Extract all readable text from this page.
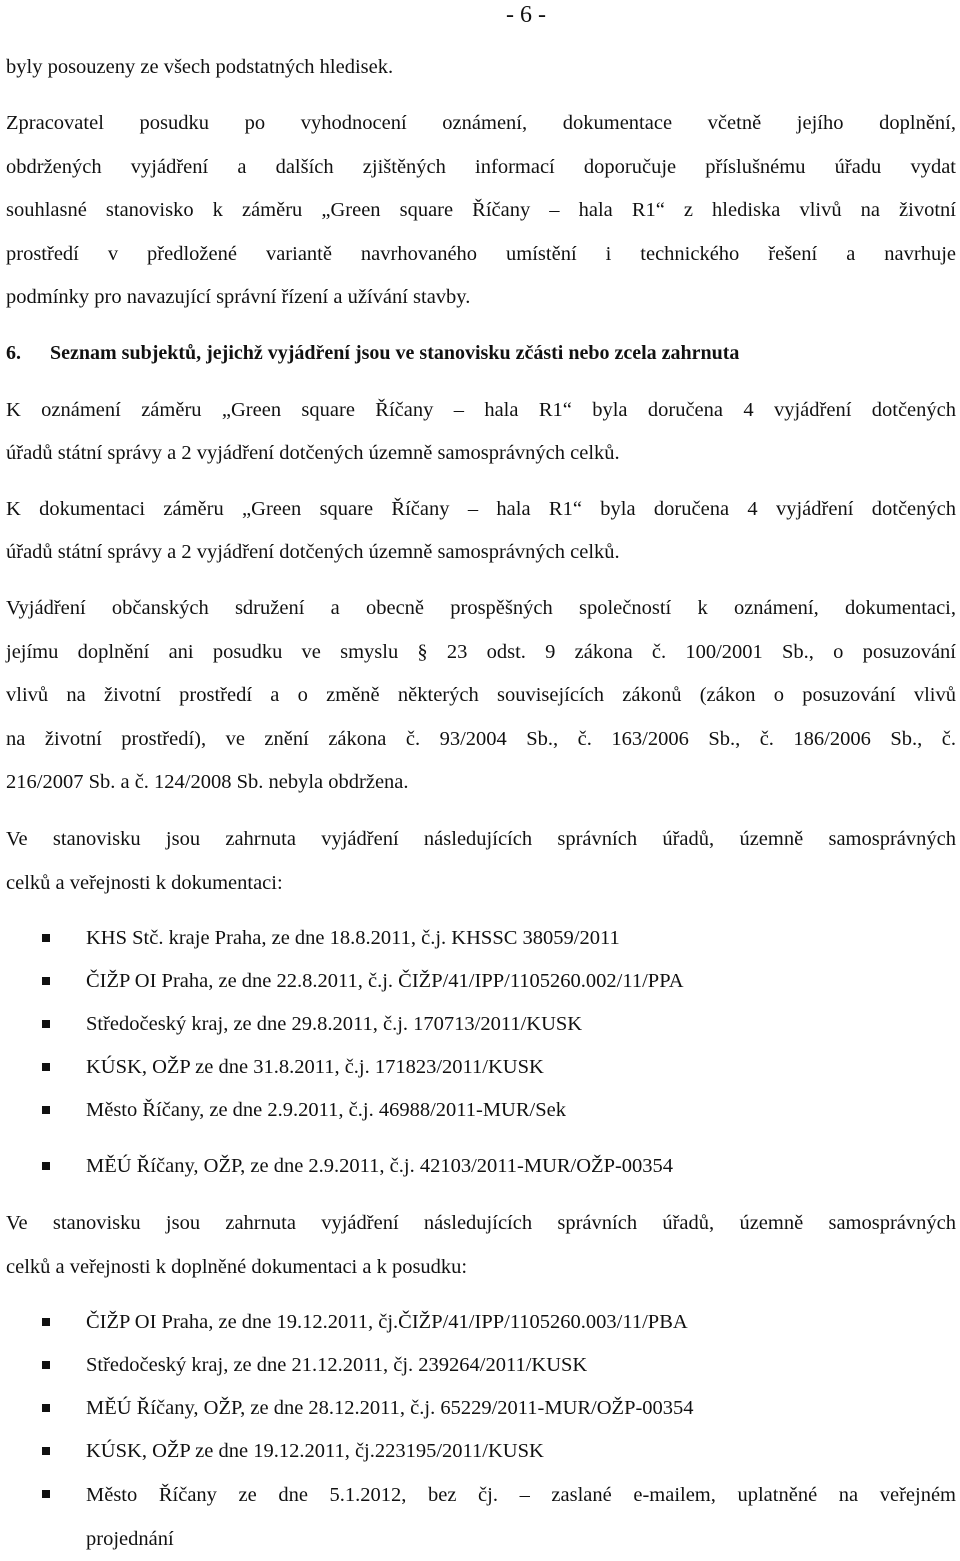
- 6 -

byly posouzeny ze všech podstatných hledisek.

Zpracovatel posudku po vyhodnocení oznámení, dokumentace včetně jejího doplnění,
obdržených vyjádření a dalších zjištěných informací doporučuje příslušnému úřadu vydat
souhlasné stanovisko k záměru „Green square Říčany – hala R1“ z hlediska vlivů na životní
prostředí v předložené variantě navrhovaného umístění i technického řešení a navrhuje
podmínky pro navazující správní řízení a užívání stavby.

6. Seznam subjektů, jejichž vyjádření jsou ve stanovisku zčásti nebo zcela zahrnuta

K oznámení záměru „Green square Říčany – hala R1“ byla doručena 4 vyjádření dotčených
úřadů státní správy a 2 vyjádření dotčených územně samosprávných celků.

K dokumentaci záměru „Green square Říčany – hala R1“ byla doručena 4 vyjádření dotčených
úřadů státní správy a 2 vyjádření dotčených územně samosprávných celků.

Vyjádření občanských sdružení a obecně prospěšných společností k oznámení, dokumentaci,
jejímu doplnění ani posudku ve smyslu § 23 odst. 9 zákona č. 100/2001 Sb., o posuzování
vlivů na životní prostředí a o změně některých souvisejících zákonů (zákon o posuzování vlivů
na životní prostředí), ve znění zákona č. 93/2004 Sb., č. 163/2006 Sb., č. 186/2006 Sb., č.
216/2007 Sb. a č. 124/2008 Sb. nebyla obdržena.

Ve stanovisku jsou zahrnuta vyjádření následujících správních úřadů, územně samosprávných
celků a veřejnosti k dokumentaci:

KHS Stč. kraje Praha, ze dne 18.8.2011, č.j. KHSSC 38059/2011
ČIŽP OI Praha, ze dne 22.8.2011, č.j. ČIŽP/41/IPP/1105260.002/11/PPA
Středočeský kraj, ze dne 29.8.2011, č.j. 170713/2011/KUSK
KÚSK, OŽP ze dne 31.8.2011, č.j. 171823/2011/KUSK
Město Říčany, ze dne 2.9.2011, č.j. 46988/2011-MUR/Sek
MĚÚ Říčany, OŽP, ze dne 2.9.2011, č.j. 42103/2011-MUR/OŽP-00354

Ve stanovisku jsou zahrnuta vyjádření následujících správních úřadů, územně samosprávných
celků a veřejnosti k doplněné dokumentaci a k posudku:

ČIŽP OI Praha, ze dne 19.12.2011, čj.ČIŽP/41/IPP/1105260.003/11/PBA
Středočeský kraj, ze dne 21.12.2011, čj. 239264/2011/KUSK
MĚÚ Říčany, OŽP, ze dne 28.12.2011, č.j. 65229/2011-MUR/OŽP-00354
KÚSK, OŽP ze dne 19.12.2011, čj.223195/2011/KUSK
Město Říčany ze dne 5.1.2012, bez čj. – zaslané e-mailem, uplatněné na veřejném
projednání
